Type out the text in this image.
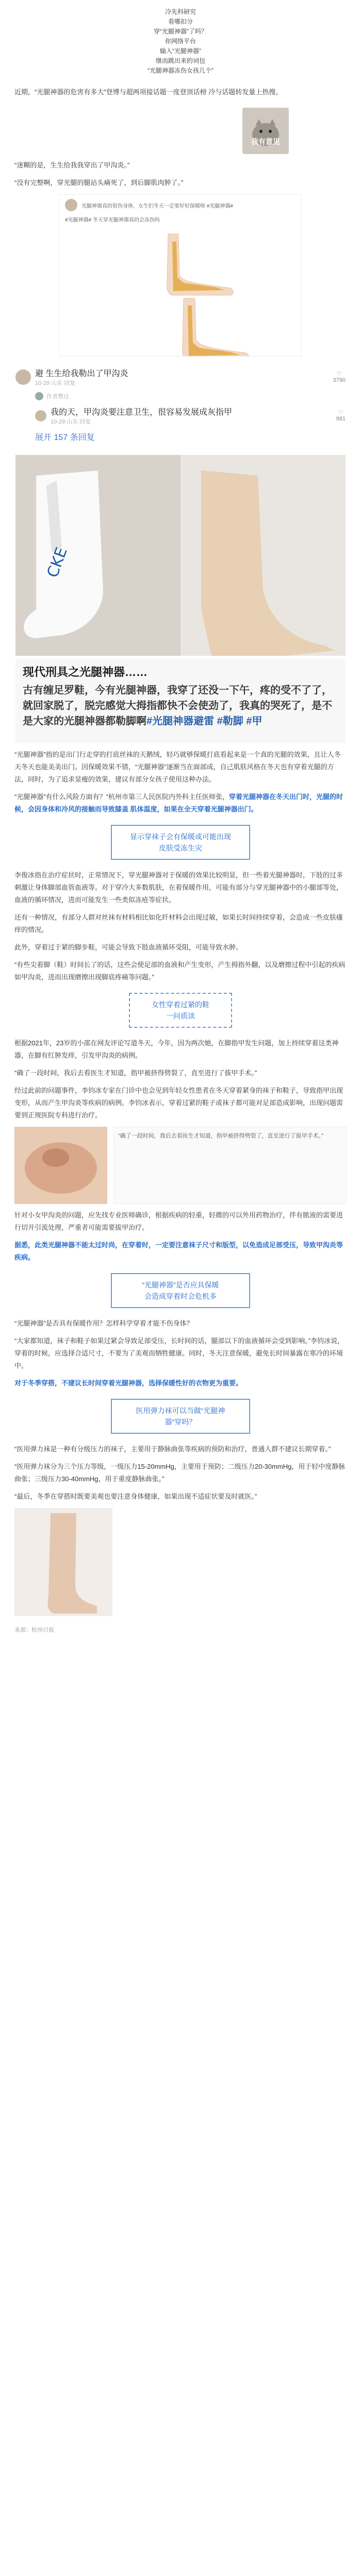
冷先科研究

看哪扣分

穿“光腿神器”了吗？

你网络平台

输入“光腿神器”

继而跳出来的词包

“光腿神器冻伤女孩几个”

近期，“光腿神器的危害有多大”登博与超两项接话题一度登顶话榜 冷与话题转发量上热搜。

我有意见

“迷糊的是，生生给我我穿出了甲沟炎。”

“没有完整啊，穿光腿的腿站头痛死了，到后脚肌肉肿了。”

光腿神器真的很伤身体，女生们冬天一定要好好保暖呀 #光腿神器#
#光腿神器# 冬天穿光腿神器真的会冻伤吗
避 生生给我勒出了甲沟炎
10-29 山东 回复
♡
3790
作者赞过
我的天，甲沟炎要注意卫生，很容易发展成灰指甲
10-29 山东 回复
♡
981
展开 157 条回复
CKE
现代刑具之光腿神器……
古有缠足罗鞋，今有光腿神器，我穿了还没一下午，疼的受不了了，就回家脱了，脱完感觉大拇指都快不会使劲了，我真的哭死了，是不是大家的光腿神器都勒脚啊#光腿神器避雷 #勒脚 #甲

“光腿神器”指的是出门行走穿的打底丝袜的天鹅绒，轻巧就够保暖打底看起来是一个真的光腿的效果，且让人冬天冬天也能美美出门。因保暖效果不错，“光腿神器”逐渐当在面部成，自己肌肤风格在冬天也有穿着光腿的方法，同时，为了追求显瘦的效果，建议有部分女孩子使用这种办法。

“光腿神器”有什么风险方面有？”杭州市第三人民医院内外科主任医师张，穿着光腿神器在冬天出门时，光腿的时候，会因身体和冷风的接触而导致膝盖 肌体温度，如果在全天穿着光腿神器出门。

显示穿袜子会有保暖或可能出现
皮肤受冻生灾

李俊冰指在治疗症状时，正常情况下，穿光腿神器对于保暖的效果比较明显，但一些着光腿神器时，下肢的过多刺激让身体脚部血管血液等。对于穿冷大多数肌肤，在着保暖作用，可能有部分与穿光腿神器中的小腿部等处，血液的循环情况，进而可能发生一些类似冻疮等症状。

还有一种情况，有部分人群对丝袜有材料相比如化纤材料会出现过敏，如果长时间持续穿着，会造成一些皮肤瘙痒的情况。

此外，穿着过于紧的脚步鞋，可能会导致下肢血液循环受阻，可能导致水肿。

“有些尖着脚（鞋）时间长了的话，这些会使足部的血液和产生变形，产生拇指外翻，以及磨擦过程中引起的疾病如甲沟炎，进而出现磨擦出现脚底疼痛等问题。”

女性穿着过紧的鞋
一问质读

根据2021年，23岁的小邵在网友评论写道冬天，今年，因为两次她，在脚指甲发生问题，加上持续穿着这类神器，在脚有红肿发痒，引发甲沟炎的病例。

“确了一段时间，我后去看医生才知道，指甲被挤得劈裂了，直至进行了拔甲手术。”

经过此前的问题事件，李钧冰专家在门诊中也会见到年轻女性患者在冬天穿着紧身的袜子和鞋子，导致指甲出现变形，从而产生甲沟炎等疾病的病例。李钧冰表示，穿着过紧的鞋子或袜子都可能对足部造成影响，出现问题需要到正规医院专科进行治疗。

“确了一段时间，我后去看医生才知道，指甲被挤得劈裂了，直至进行了拔甲手术。”

针对小女甲沟炎的问题，应先找专业医师确诊，根据疾病的轻重，轻微的可以外用药物治疗，伴有脓液的需要进行切开引流处理，严重者可能需要拔甲治疗。

据悉，此类光腿神器不能太过时尚，在穿着时，一定要注意袜子尺寸和版型，以免造成足部受压，导致甲沟炎等疾病。

“光腿神器”是否应具保暖
会造成穿着时会危机多

“光腿神器”是否具有保暖作用？怎样科学穿着才能不伤身体？

“大家都知道，袜子和鞋子如果过紧会导致足部受压，长时间的话，腿部以下的血液循环会受到影响。”李钧冰说，穿着的时候，应选择合适尺寸，不要为了美观而牺牲健康。同时，冬天注意保暖，避免长时间暴露在寒冷的环境中。

对于冬季穿搭，不建议长时间穿着光腿神器，选择保暖性好的衣物更为重要。

医用弹力袜可以当做“光腿神
器”穿吗？

“医用弹力袜是一种有分级压力的袜子，主要用于静脉曲张等疾病的预防和治疗，普通人群不建议长期穿着。”

“医用弹力袜分为三个压力等级，一级压力15-20mmHg，主要用于预防；二级压力20-30mmHg，用于轻中度静脉曲张；三级压力30-40mmHg，用于重度静脉曲张。”

“最后，冬季在穿搭时既要美观也要注意身体健康，如果出现不适症状要及时就医。”

来源：杭州日报
